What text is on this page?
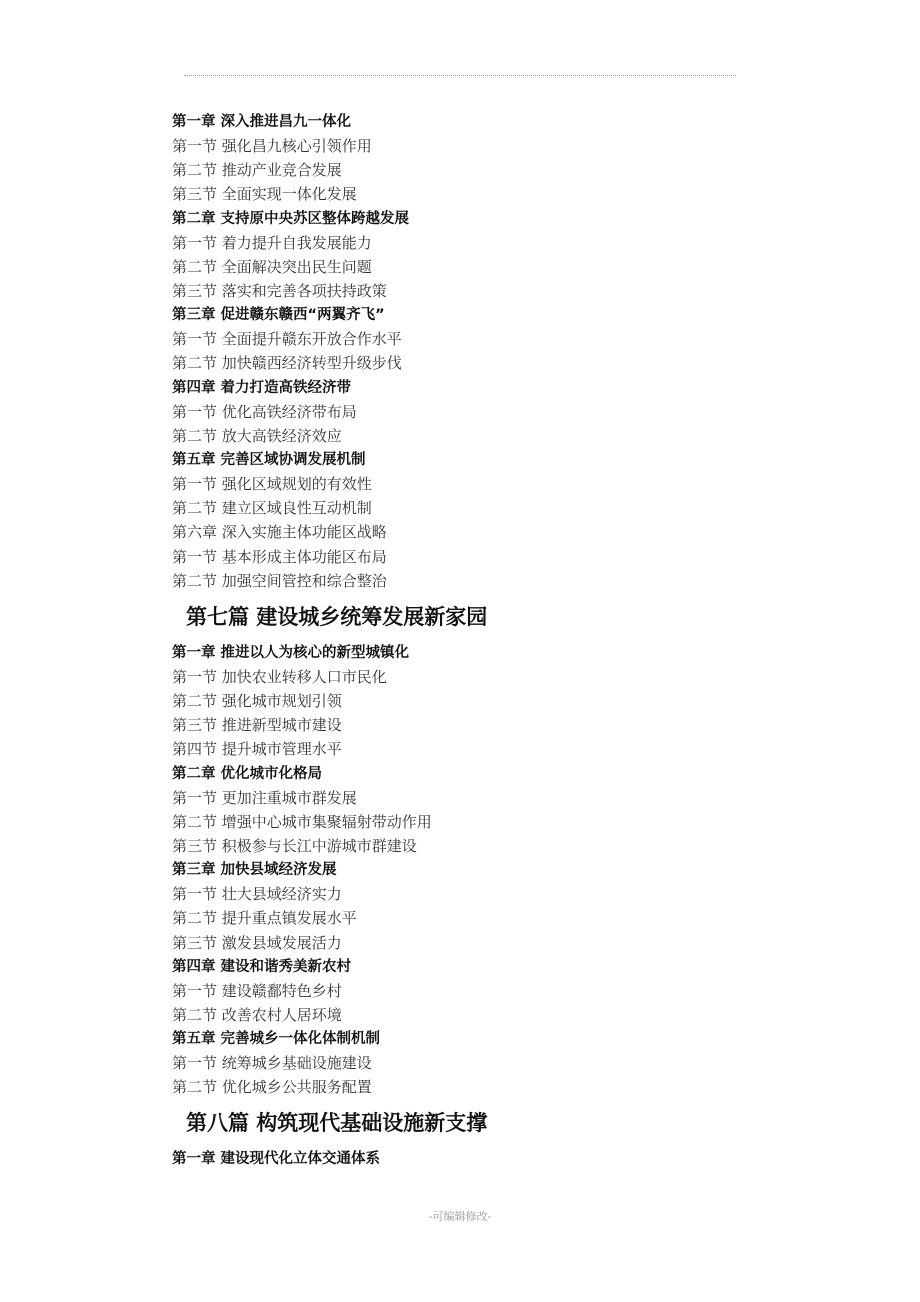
第一章 深入推进昌九一体化
第一节 强化昌九核心引领作用
第二节 推动产业竞合发展
第三节 全面实现一体化发展
第二章 支持原中央苏区整体跨越发展
第一节 着力提升自我发展能力
第二节 全面解决突出民生问题
第三节 落实和完善各项扶持政策
第三章 促进赣东赣西“两翼齐飞”
第一节 全面提升赣东开放合作水平
第二节 加快赣西经济转型升级步伐
第四章 着力打造高铁经济带
第一节 优化高铁经济带布局
第二节 放大高铁经济效应
第五章 完善区域协调发展机制
第一节 强化区域规划的有效性
第二节 建立区域良性互动机制
第六章 深入实施主体功能区战略
第一节 基本形成主体功能区布局
第二节 加强空间管控和综合整治
第七篇 建设城乡统筹发展新家园
第一章 推进以人为核心的新型城镇化
第一节 加快农业转移人口市民化
第二节 强化城市规划引领
第三节 推进新型城市建设
第四节 提升城市管理水平
第二章 优化城市化格局
第一节 更加注重城市群发展
第二节 增强中心城市集聚辐射带动作用
第三节 积极参与长江中游城市群建设
第三章 加快县域经济发展
第一节 壮大县域经济实力
第二节 提升重点镇发展水平
第三节 激发县域发展活力
第四章 建设和谐秀美新农村
第一节 建设赣鄱特色乡村
第二节 改善农村人居环境
第五章 完善城乡一体化体制机制
第一节 统筹城乡基础设施建设
第二节 优化城乡公共服务配置
第八篇 构筑现代基础设施新支撑
第一章 建设现代化立体交通体系
-可编辑修改-
